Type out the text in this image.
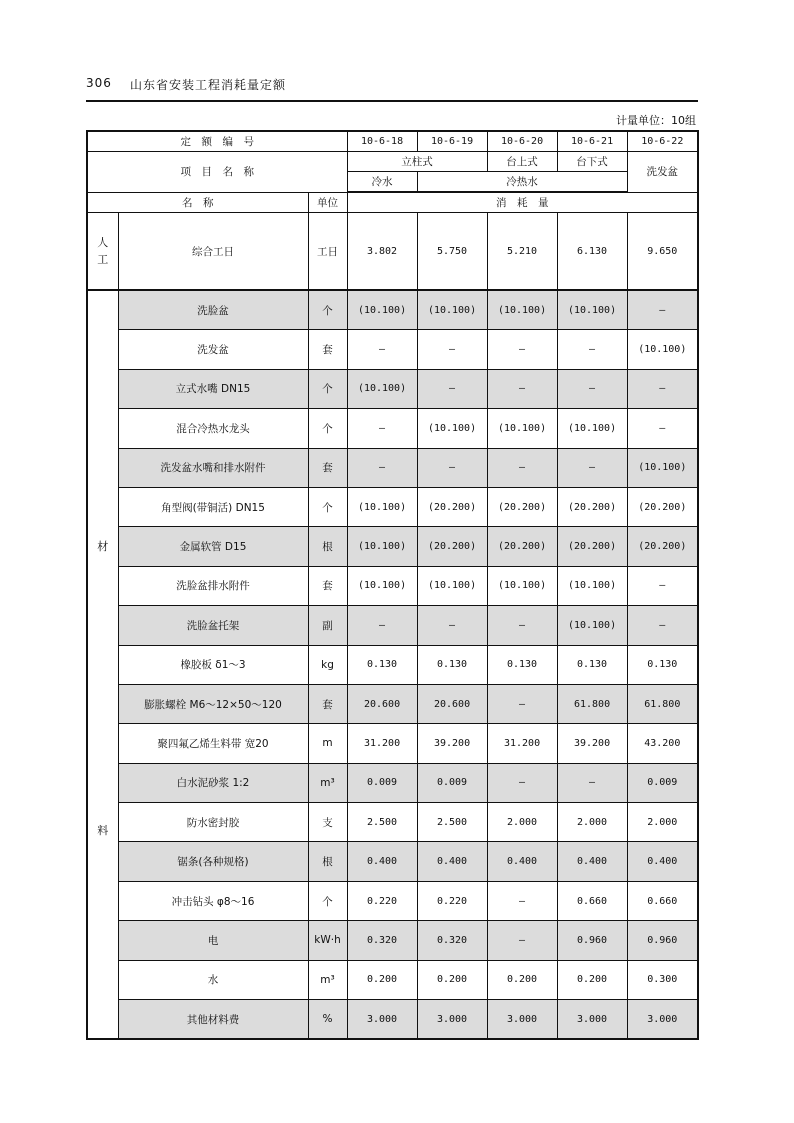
306 山东省安装工程消耗量定额
计量单位：10组
定　额　编　号			10-6-18	10-6-19	10-6-20	10-6-21	10-6-22
项　目　名　称			立柱式		台上式	台下式	洗发盆
			冷水	冷热水			
名　称		单位	消　耗　量				
人
工	综合工日	工日	3.802	5.750	5.210	6.130	9.650

材
料	洗脸盆	个	(10.100)	(10.100)	(10.100)	(10.100)	—
	洗发盆	套	—	—	—	—	(10.100)
	立式水嘴 DN15	个	(10.100)	—	—	—	—
	混合冷热水龙头	个	—	(10.100)	(10.100)	(10.100)	—
	洗发盆水嘴和排水附件	套	—	—	—	—	(10.100)
	角型阀(带铜活) DN15	个	(10.100)	(20.200)	(20.200)	(20.200)	(20.200)
	金属软管 D15	根	(10.100)	(20.200)	(20.200)	(20.200)	(20.200)
	洗脸盆排水附件	套	(10.100)	(10.100)	(10.100)	(10.100)	—
	洗脸盆托架	副	—	—	—	(10.100)	—
	橡胶板 δ1～3	kg	0.130	0.130	0.130	0.130	0.130
	膨胀螺栓 M6～12×50～120	套	20.600	20.600	—	61.800	61.800
	聚四氟乙烯生料带 宽20	m	31.200	39.200	31.200	39.200	43.200
	白水泥砂浆 1:2	m³	0.009	0.009	—	—	0.009
	防水密封胶	支	2.500	2.500	2.000	2.000	2.000
	锯条(各种规格)	根	0.400	0.400	0.400	0.400	0.400
	冲击钻头 φ8～16	个	0.220	0.220	—	0.660	0.660
	电	kW·h	0.320	0.320	—	0.960	0.960
	水	m³	0.200	0.200	0.200	0.200	0.300
	其他材料费	%	3.000	3.000	3.000	3.000	3.000
